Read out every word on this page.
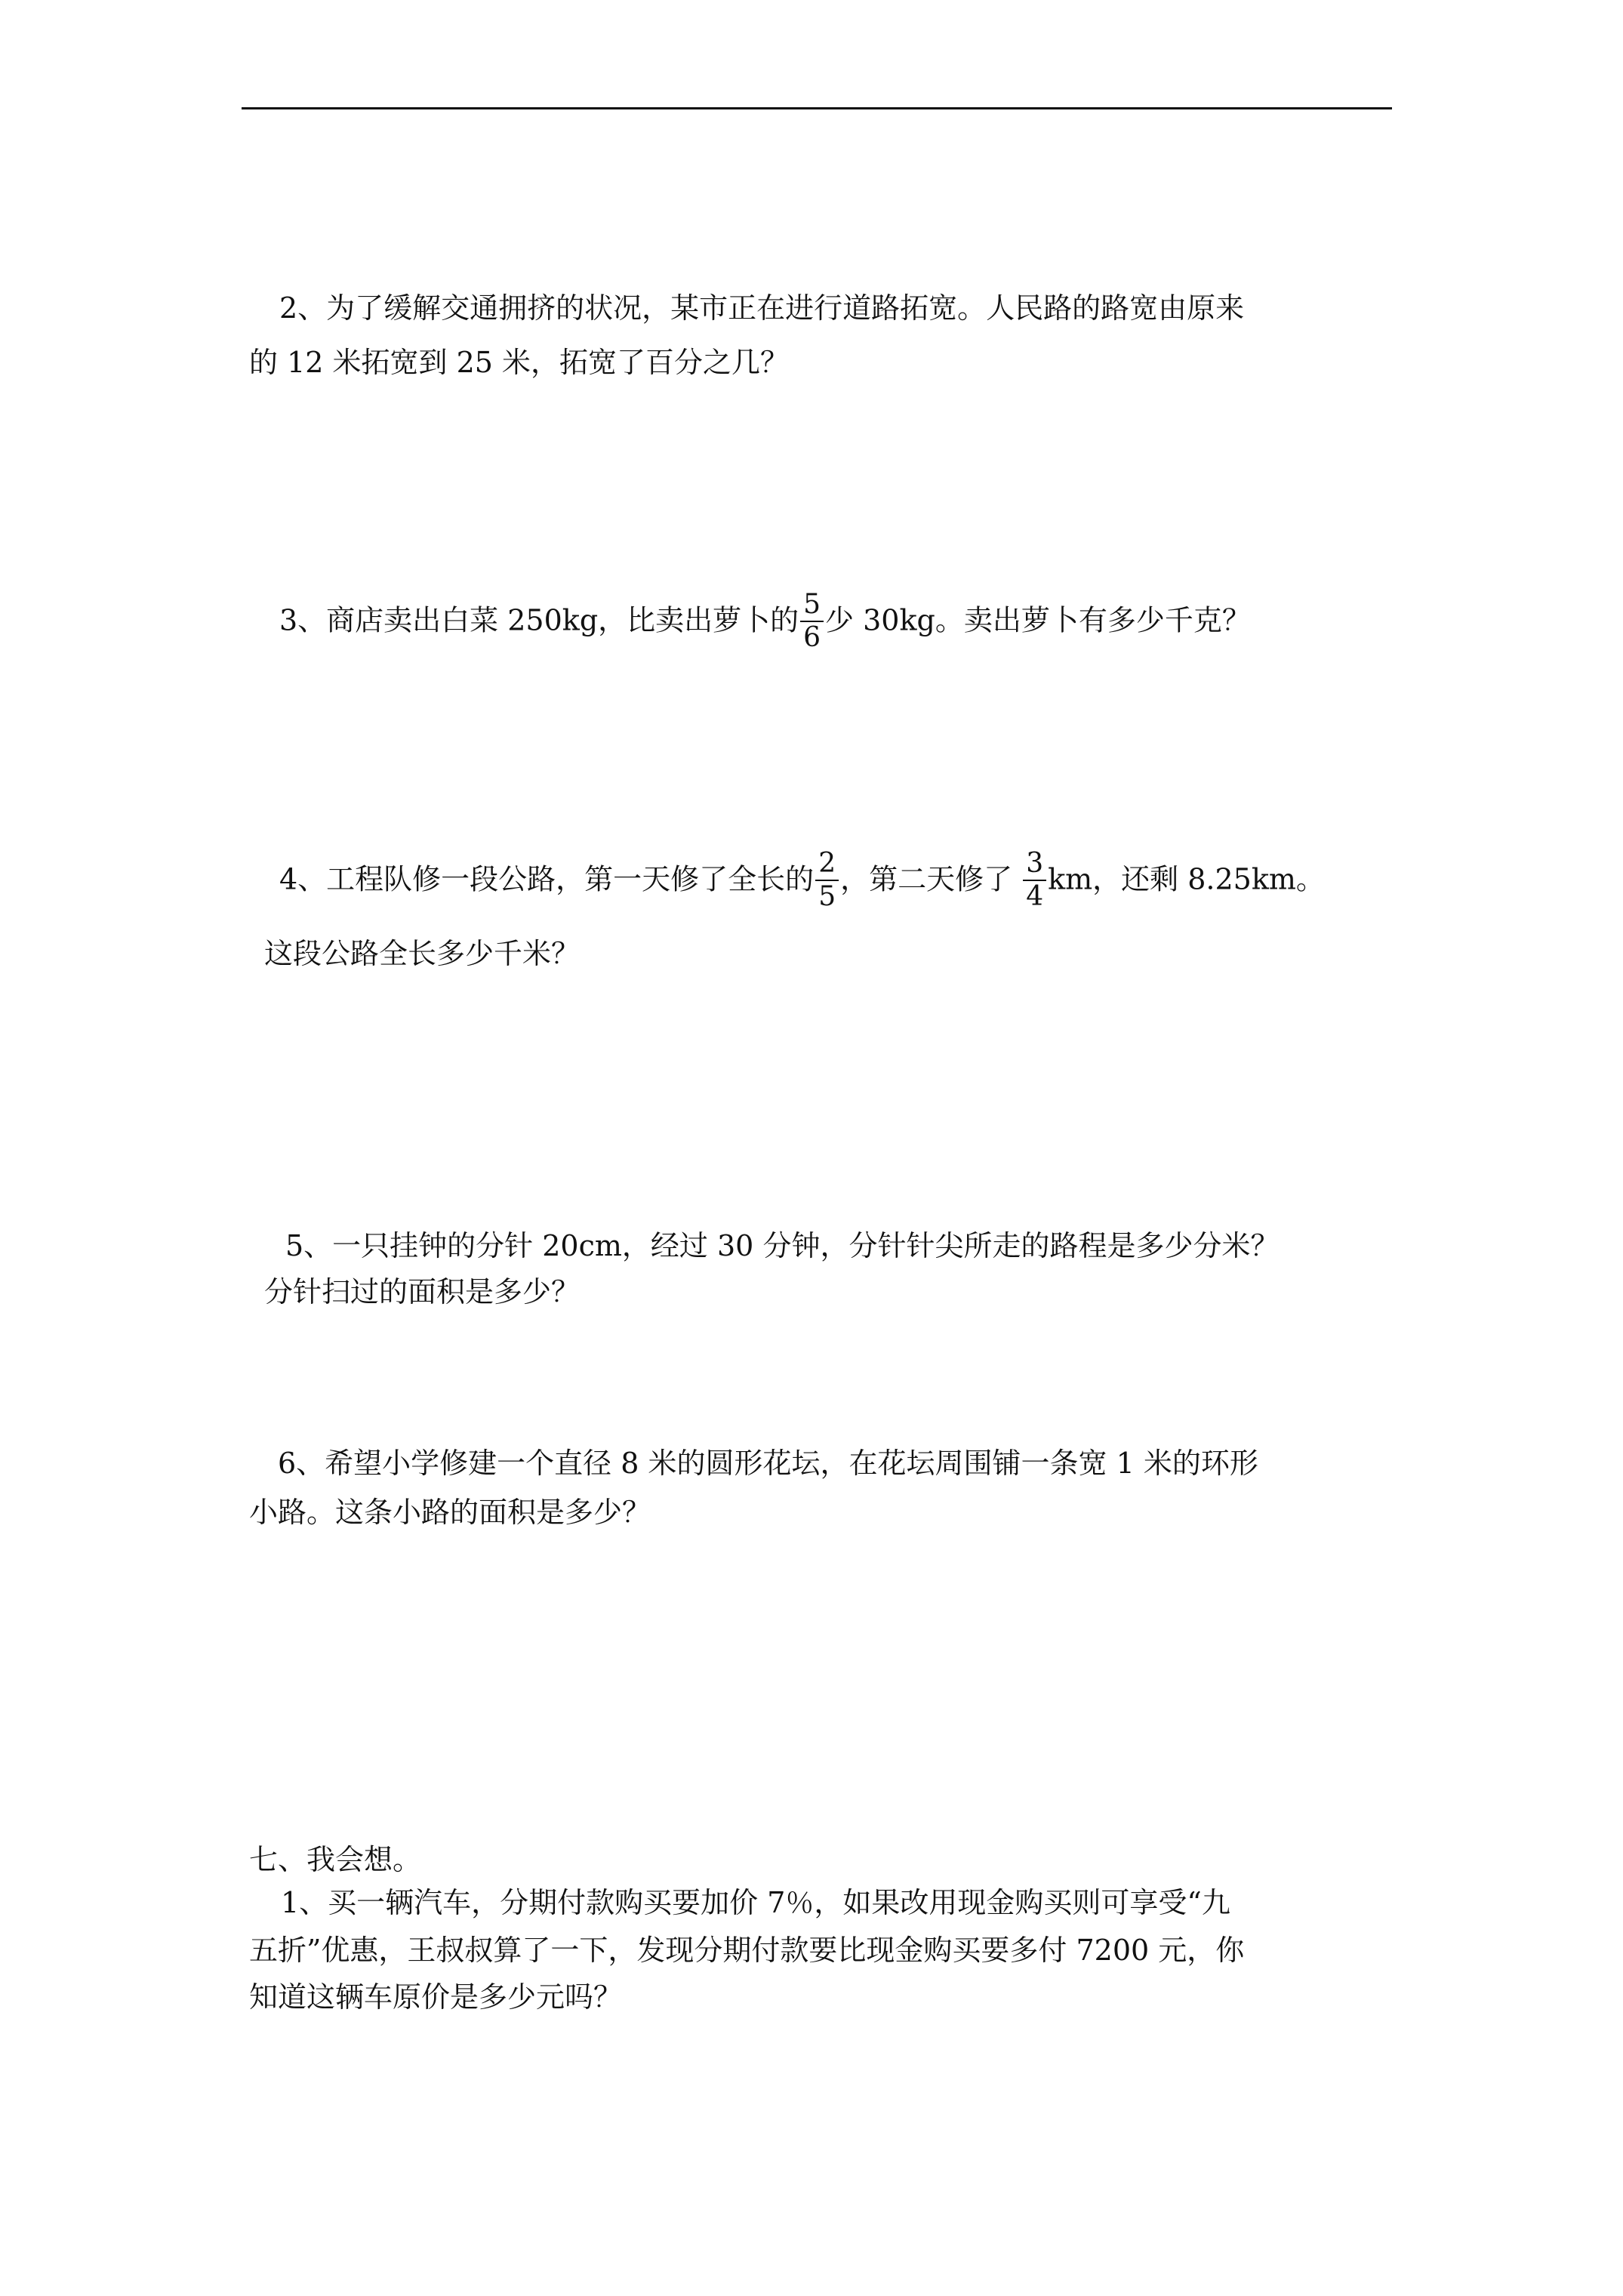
2、为了缓解交通拥挤的状况，某市正在进行道路拓宽。人民路的路宽由原来
的 12 米拓宽到 25 米，拓宽了百分之几？
3、商店卖出白菜 250kg，比卖出萝卜的 $\frac{5}{6}$ 少 30kg。卖出萝卜有多少千克？
4、工程队修一段公路，第一天修了全长的 $\frac{2}{5}$ ，第二天修了 $\frac{3}{4}$ km，还剩 8.25km。
这段公路全长多少千米？
5、一只挂钟的分针 20cm，经过 30 分钟，分针针尖所走的路程是多少分米？
分针扫过的面积是多少？
6、希望小学修建一个直径 8 米的圆形花坛，在花坛周围铺一条宽 1 米的环形
小路。这条小路的面积是多少？
七、我会想。
1、买一辆汽车，分期付款购买要加价 7％，如果改用现金购买则可享受“九
五折”优惠，王叔叔算了一下，发现分期付款要比现金购买要多付 7200 元，你
知道这辆车原价是多少元吗？
